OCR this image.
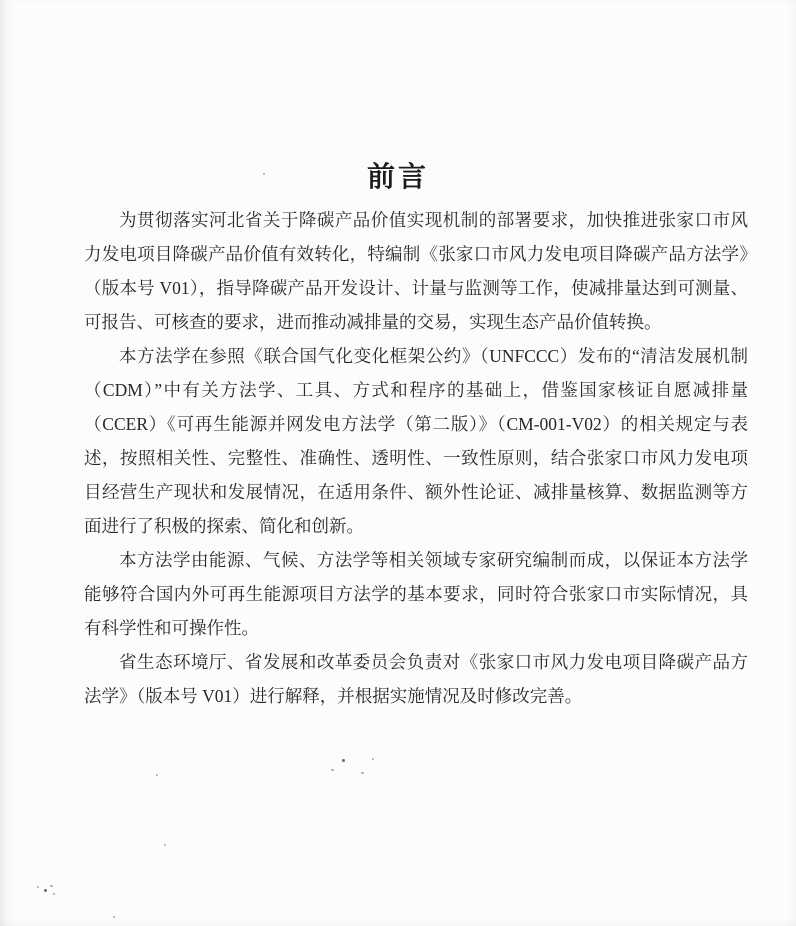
前言

为贯彻落实河北省关于降碳产品价值实现机制的部署要求，加快推进张家口市风力发电项目降碳产品价值有效转化，特编制《张家口市风力发电项目降碳产品方法学》（版本号 V01），指导降碳产品开发设计、计量与监测等工作，使减排量达到可测量、可报告、可核查的要求，进而推动减排量的交易，实现生态产品价值转换。

本方法学在参照《联合国气化变化框架公约》（UNFCCC）发布的“清洁发展机制（CDM）”中有关方法学、工具、方式和程序的基础上，借鉴国家核证自愿减排量（CCER）《可再生能源并网发电方法学（第二版）》（CM-001-V02）的相关规定与表述，按照相关性、完整性、准确性、透明性、一致性原则，结合张家口市风力发电项目经营生产现状和发展情况，在适用条件、额外性论证、减排量核算、数据监测等方面进行了积极的探索、简化和创新。

本方法学由能源、气候、方法学等相关领域专家研究编制而成，以保证本方法学能够符合国内外可再生能源项目方法学的基本要求，同时符合张家口市实际情况，具有科学性和可操作性。

省生态环境厅、省发展和改革委员会负责对《张家口市风力发电项目降碳产品方法学》（版本号 V01）进行解释，并根据实施情况及时修改完善。
